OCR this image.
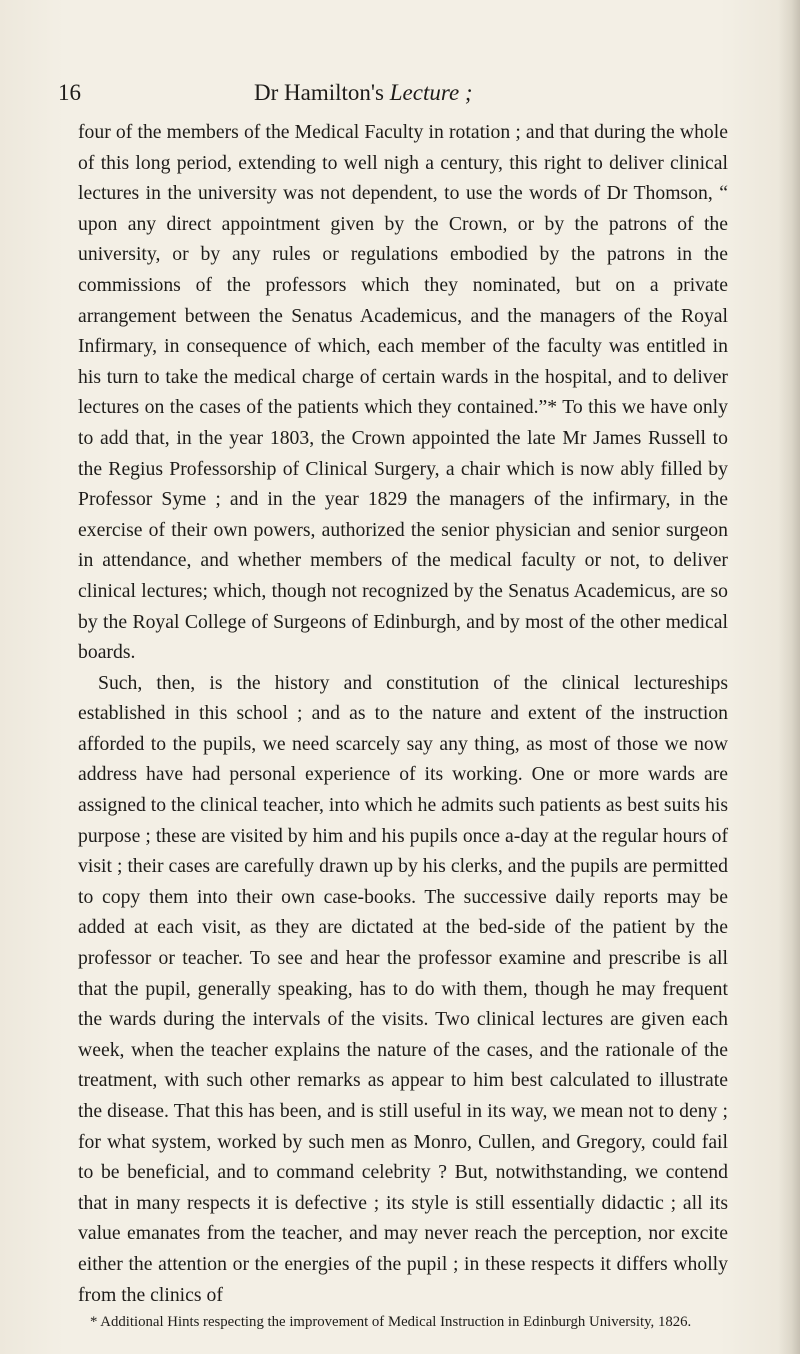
16	Dr Hamilton's Lecture ;

four of the members of the Medical Faculty in rotation ; and that during the whole of this long period, extending to well nigh a century, this right to deliver clinical lectures in the university was not dependent, to use the words of Dr Thomson, “ upon any direct appointment given by the Crown, or by the patrons of the university, or by any rules or regulations embodied by the patrons in the commissions of the professors which they nominated, but on a private arrangement between the Senatus Academicus, and the managers of the Royal Infirmary, in consequence of which, each member of the faculty was entitled in his turn to take the medical charge of certain wards in the hospital, and to deliver lectures on the cases of the patients which they contained.”* To this we have only to add that, in the year 1803, the Crown appointed the late Mr James Russell to the Regius Professorship of Clinical Surgery, a chair which is now ably filled by Professor Syme ; and in the year 1829 the managers of the infirmary, in the exercise of their own powers, authorized the senior physician and senior surgeon in attendance, and whether members of the medical faculty or not, to deliver clinical lectures; which, though not recognized by the Senatus Academicus, are so by the Royal College of Surgeons of Edinburgh, and by most of the other medical boards.

Such, then, is the history and constitution of the clinical lectureships established in this school ; and as to the nature and extent of the instruction afforded to the pupils, we need scarcely say any thing, as most of those we now address have had personal experience of its working. One or more wards are assigned to the clinical teacher, into which he admits such patients as best suits his purpose ; these are visited by him and his pupils once a-day at the regular hours of visit ; their cases are carefully drawn up by his clerks, and the pupils are permitted to copy them into their own case-books. The successive daily reports may be added at each visit, as they are dictated at the bed-side of the patient by the professor or teacher. To see and hear the professor examine and prescribe is all that the pupil, generally speaking, has to do with them, though he may frequent the wards during the intervals of the visits. Two clinical lectures are given each week, when the teacher explains the nature of the cases, and the rationale of the treatment, with such other remarks as appear to him best calculated to illustrate the disease. That this has been, and is still useful in its way, we mean not to deny ; for what system, worked by such men as Monro, Cullen, and Gregory, could fail to be beneficial, and to command celebrity ? But, notwithstanding, we contend that in many respects it is defective ; its style is still essentially didactic ; all its value emanates from the teacher, and may never reach the perception, nor excite either the attention or the energies of the pupil ; in these respects it differs wholly from the clinics of

* Additional Hints respecting the improvement of Medical Instruction in Edinburgh University, 1826.
